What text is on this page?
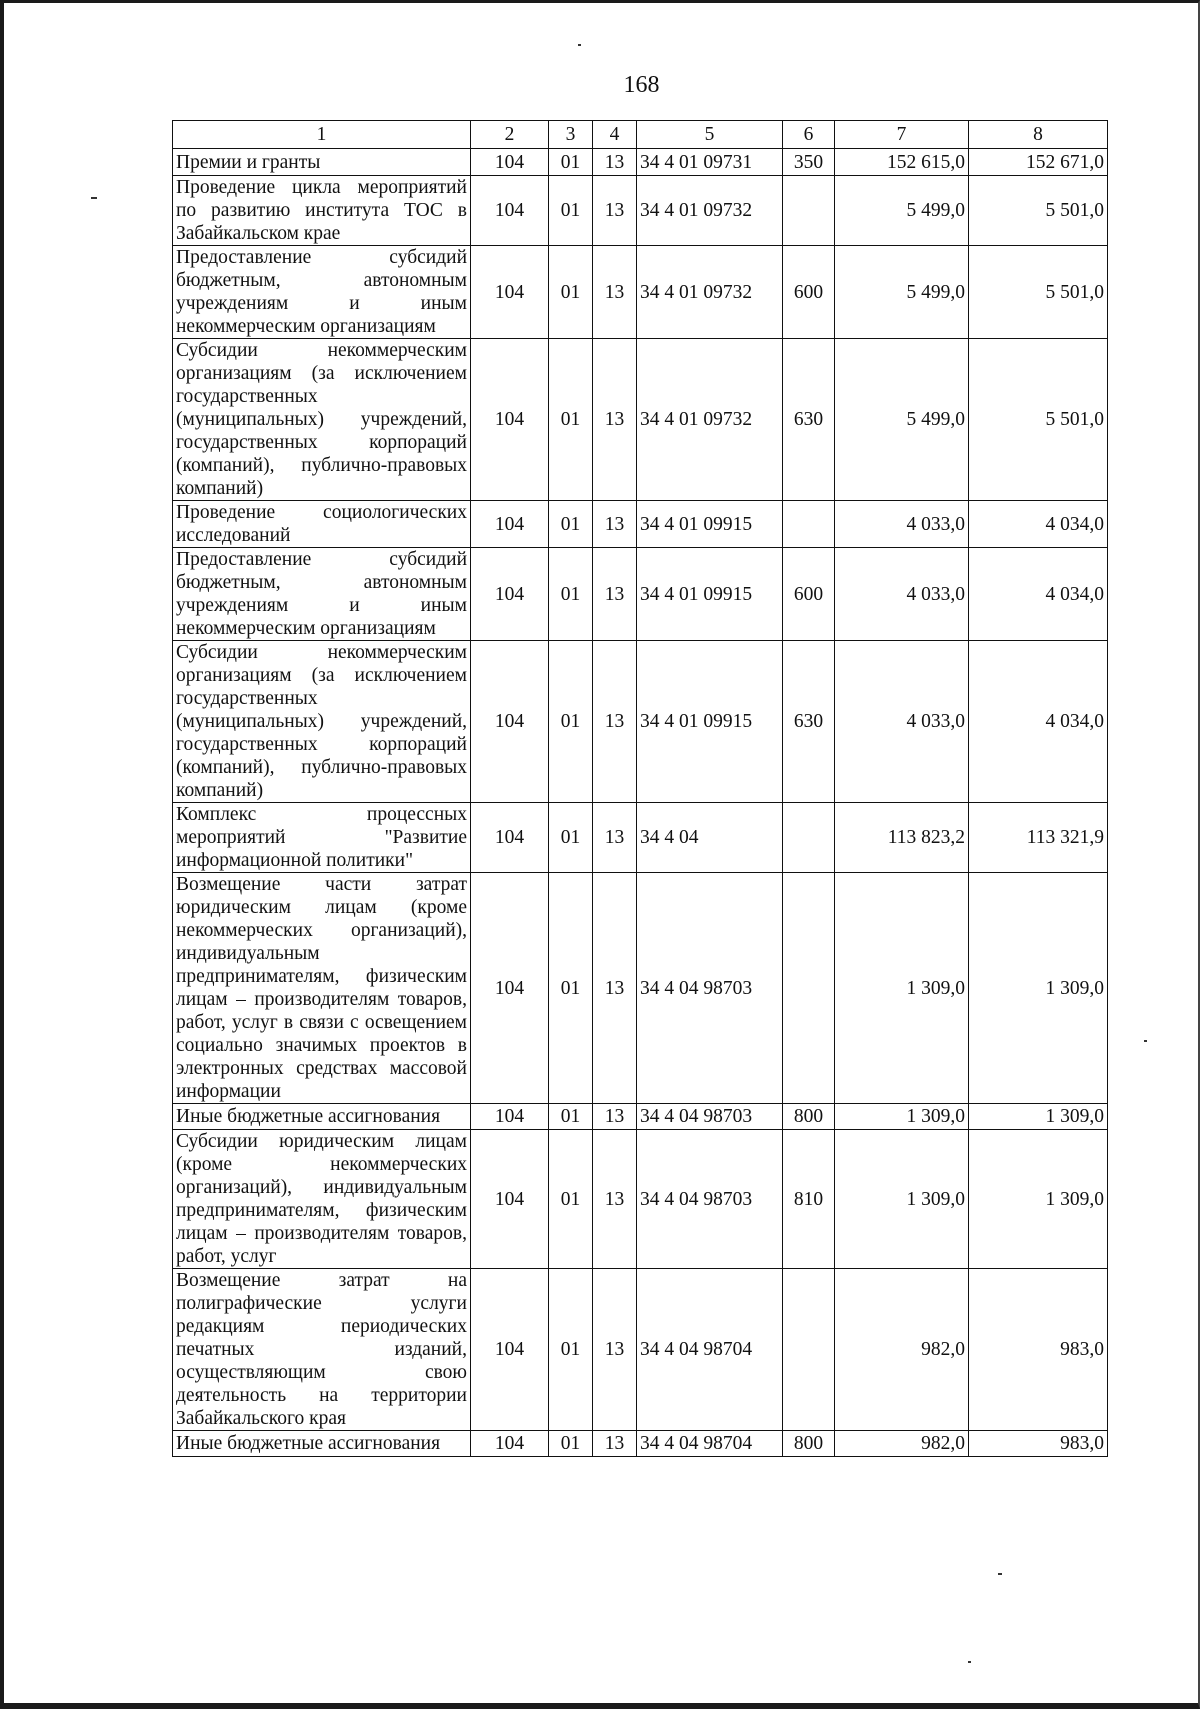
168
1	2	3	4	5	6	7	8
Премии и гранты	104	01	13	34 4 01 09731	350	152 615,0	152 671,0
Проведение цикла мероприятий по развитию института ТОС в Забайкальском крае	104	01	13	34 4 01 09732		5 499,0	5 501,0
Предоставление субсидий бюджетным, автономным учреждениям и иным некоммерческим организациям	104	01	13	34 4 01 09732	600	5 499,0	5 501,0
Субсидии некоммерческим организациям (за исключением государственных (муниципальных) учреждений, государственных корпораций (компаний), публично-правовых компаний)	104	01	13	34 4 01 09732	630	5 499,0	5 501,0
Проведение социологических исследований	104	01	13	34 4 01 09915		4 033,0	4 034,0
Предоставление субсидий бюджетным, автономным учреждениям и иным некоммерческим организациям	104	01	13	34 4 01 09915	600	4 033,0	4 034,0
Субсидии некоммерческим организациям (за исключением государственных (муниципальных) учреждений, государственных корпораций (компаний), публично-правовых компаний)	104	01	13	34 4 01 09915	630	4 033,0	4 034,0
Комплекс процессных мероприятий "Развитие информационной политики"	104	01	13	34 4 04		113 823,2	113 321,9
Возмещение части затрат юридическим лицам (кроме некоммерческих организаций), индивидуальным предпринимателям, физическим лицам – производителям товаров, работ, услуг в связи с освещением социально значимых проектов в электронных средствах массовой информации	104	01	13	34 4 04 98703		1 309,0	1 309,0
Иные бюджетные ассигнования	104	01	13	34 4 04 98703	800	1 309,0	1 309,0
Субсидии юридическим лицам (кроме некоммерческих организаций), индивидуальным предпринимателям, физическим лицам – производителям товаров, работ, услуг	104	01	13	34 4 04 98703	810	1 309,0	1 309,0
Возмещение затрат на полиграфические услуги редакциям периодических печатных изданий, осуществляющим свою деятельность на территории Забайкальского края	104	01	13	34 4 04 98704		982,0	983,0
Иные бюджетные ассигнования	104	01	13	34 4 04 98704	800	982,0	983,0
